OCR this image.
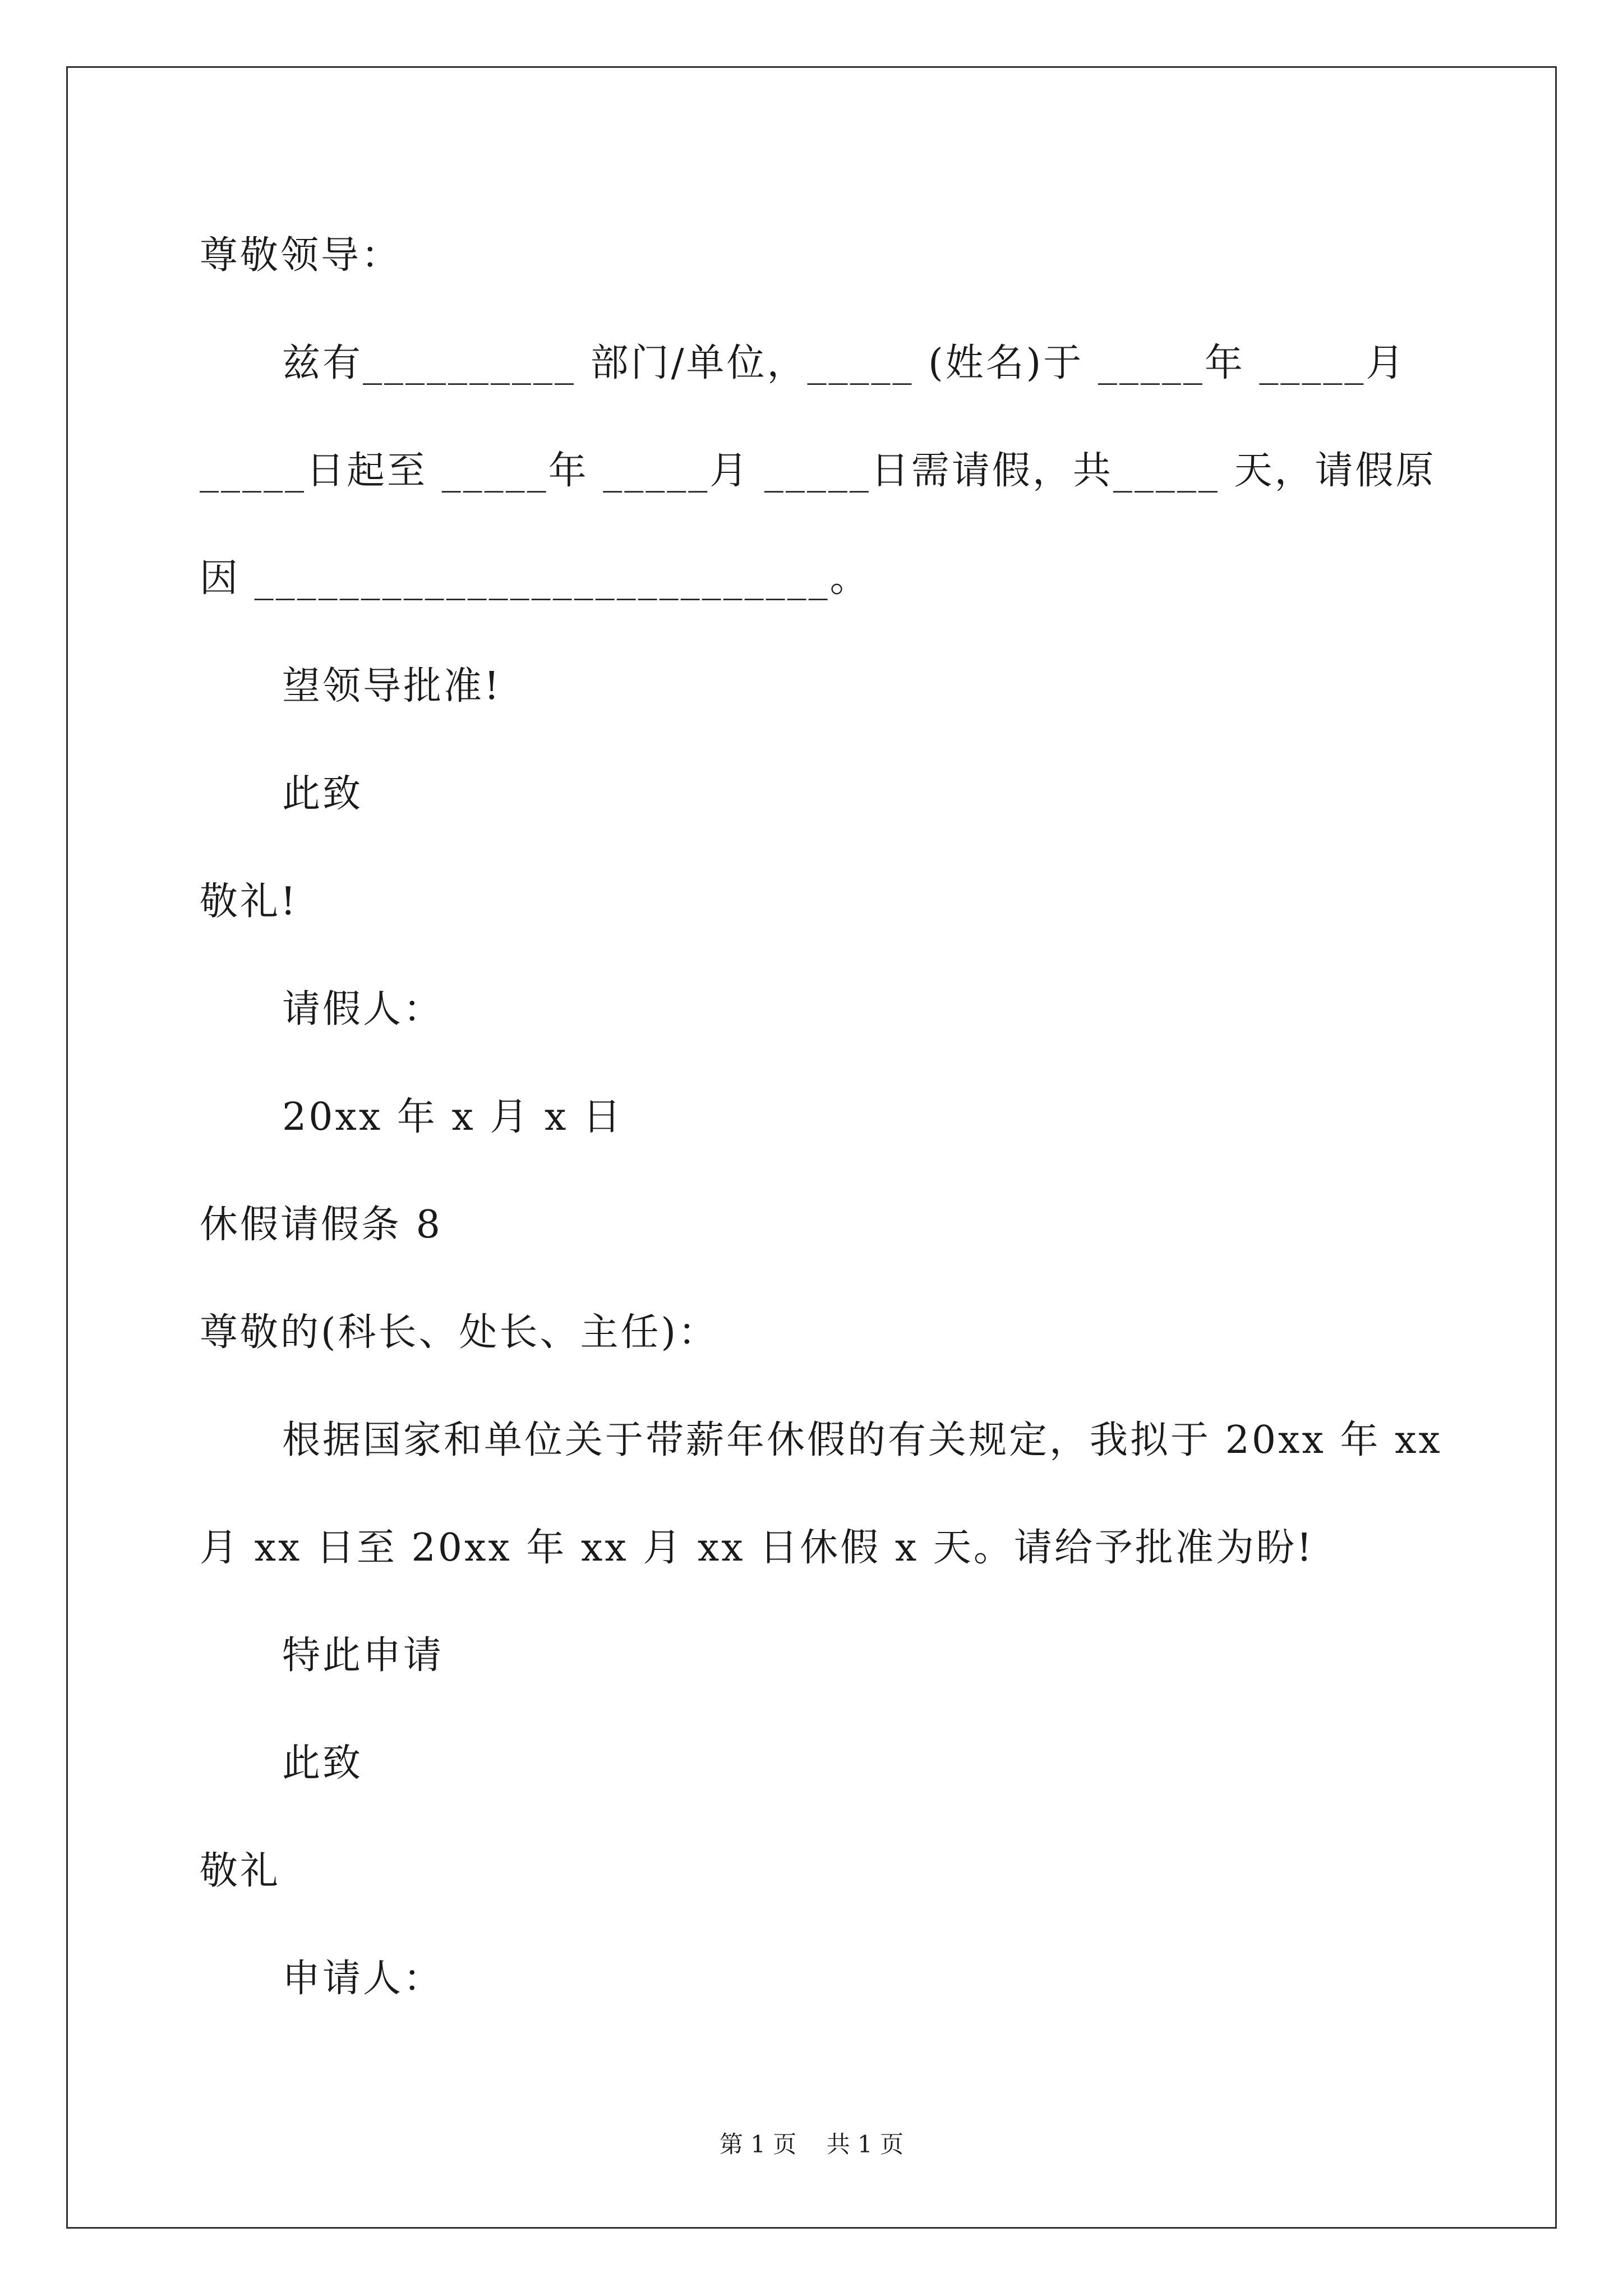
尊敬领导：
兹有__________ 部门/单位，_____ (姓名)于 _____年 _____月
_____日起至 _____年 _____月 _____日需请假，共_____ 天，请假原
因 ___________________________。
望领导批准!
此致
敬礼!
请假人：
20xx 年 x 月 x 日
休假请假条 8
尊敬的(科长、处长、主任)：
根据国家和单位关于带薪年休假的有关规定，我拟于 20xx 年 xx
月 xx 日至 20xx 年 xx 月 xx 日休假 x 天。请给予批准为盼!
特此申请
此致
敬礼
申请人：
第 1 页    共 1 页
